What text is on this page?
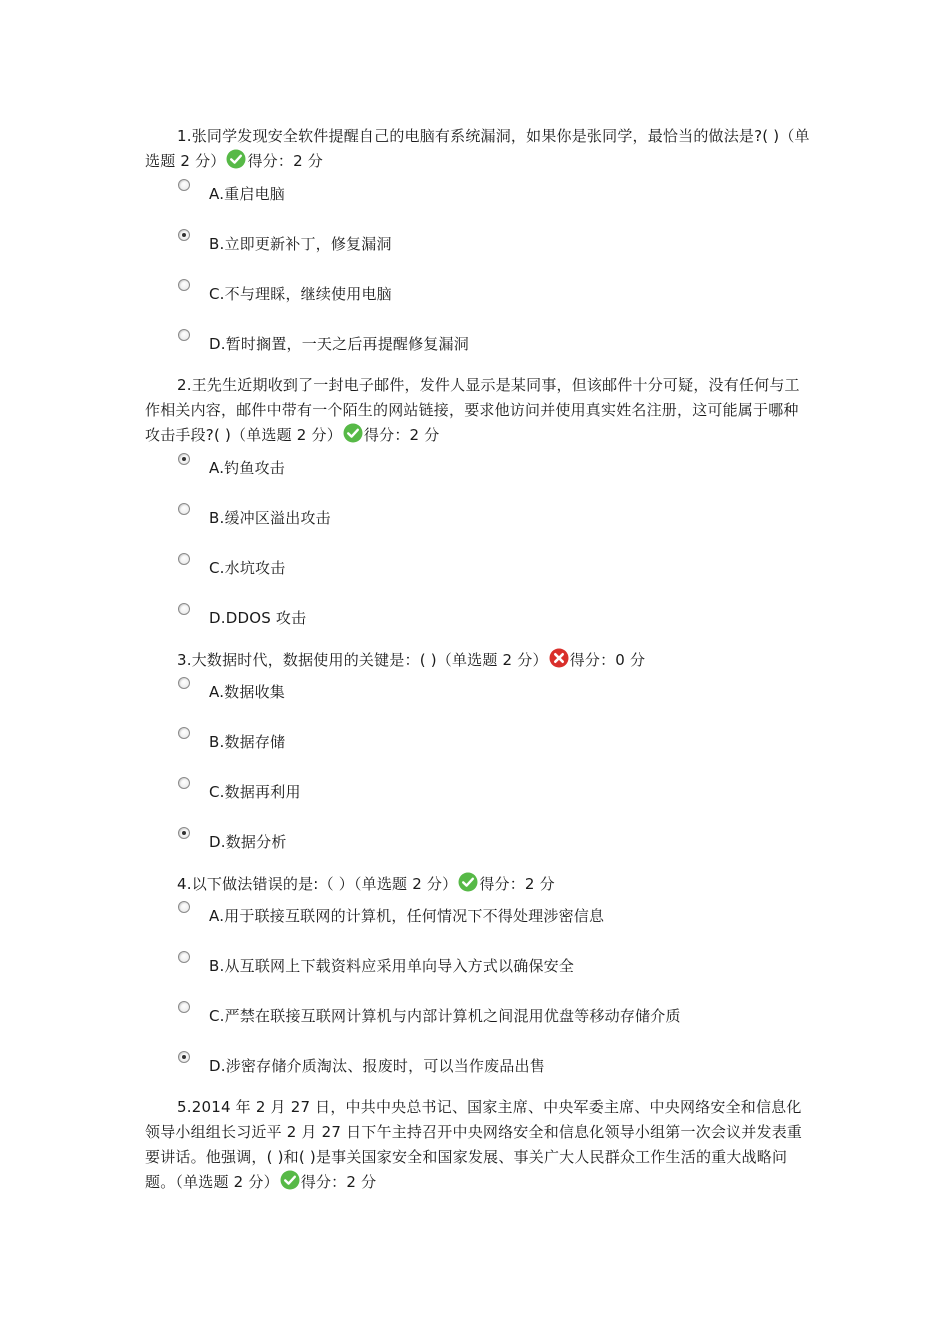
1.张同学发现安全软件提醒自己的电脑有系统漏洞，如果你是张同学，最恰当的做法是?( )（单选题 2 分） 得分：2 分
A.重启电脑
B.立即更新补丁，修复漏洞
C.不与理睬，继续使用电脑
D.暂时搁置，一天之后再提醒修复漏洞
2.王先生近期收到了一封电子邮件，发件人显示是某同事，但该邮件十分可疑，没有任何与工作相关内容，邮件中带有一个陌生的网站链接，要求他访问并使用真实姓名注册，这可能属于哪种攻击手段?( )（单选题 2 分） 得分：2 分
A.钓鱼攻击
B.缓冲区溢出攻击
C.水坑攻击
D.DDOS 攻击
3.大数据时代，数据使用的关键是：( )（单选题 2 分） 得分：0 分
A.数据收集
B.数据存储
C.数据再利用
D.数据分析
4.以下做法错误的是:（ ）（单选题 2 分） 得分：2 分
A.用于联接互联网的计算机，任何情况下不得处理涉密信息
B.从互联网上下载资料应采用单向导入方式以确保安全
C.严禁在联接互联网计算机与内部计算机之间混用优盘等移动存储介质
D.涉密存储介质淘汰、报废时，可以当作废品出售
5.2014 年 2 月 27 日，中共中央总书记、国家主席、中央军委主席、中央网络安全和信息化领导小组组长习近平 2 月 27 日下午主持召开中央网络安全和信息化领导小组第一次会议并发表重要讲话。他强调，( )和( )是事关国家安全和国家发展、事关广大人民群众工作生活的重大战略问题。（单选题 2 分） 得分：2 分
